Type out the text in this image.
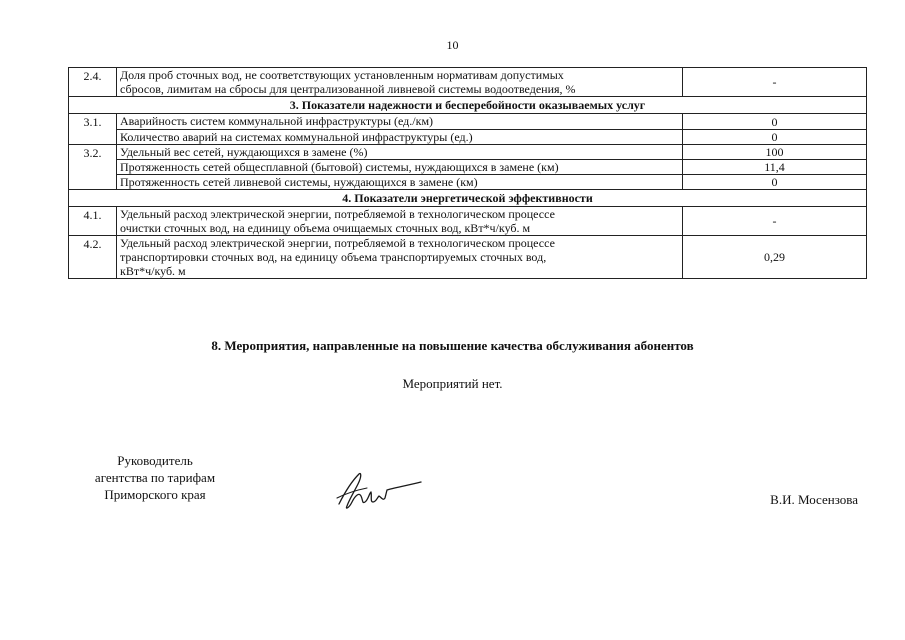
10
2.4.	Доля проб сточных вод, не соответствующих установленным нормативам допустимых
сбросов, лимитам на сбросы для централизованной ливневой системы водоотведения, %	-
3. Показатели надежности и бесперебойности оказываемых услуг		
3.1.	Аварийность систем коммунальной инфраструктуры (ед./км)	0
	Количество аварий на системах коммунальной инфраструктуры (ед.)	0
3.2.	Удельный вес сетей, нуждающихся в замене (%)	100
	Протяженность сетей общесплавной (бытовой) системы, нуждающихся в замене (км)	11,4
	Протяженность сетей ливневой системы, нуждающихся в замене (км)	0
4. Показатели энергетической эффективности		
4.1.	Удельный расход электрической энергии, потребляемой в технологическом процессе
очистки сточных вод, на единицу объема очищаемых сточных вод, кВт*ч/куб. м	-
4.2.	Удельный расход электрической энергии, потребляемой в технологическом процессе
транспортировки сточных вод, на единицу объема транспортируемых сточных вод,
кВт*ч/куб. м	0,29
8. Мероприятия, направленные на повышение качества обслуживания абонентов
Мероприятий нет.
Руководитель
агентства по тарифам
Приморского края	В.И. Мосензова
